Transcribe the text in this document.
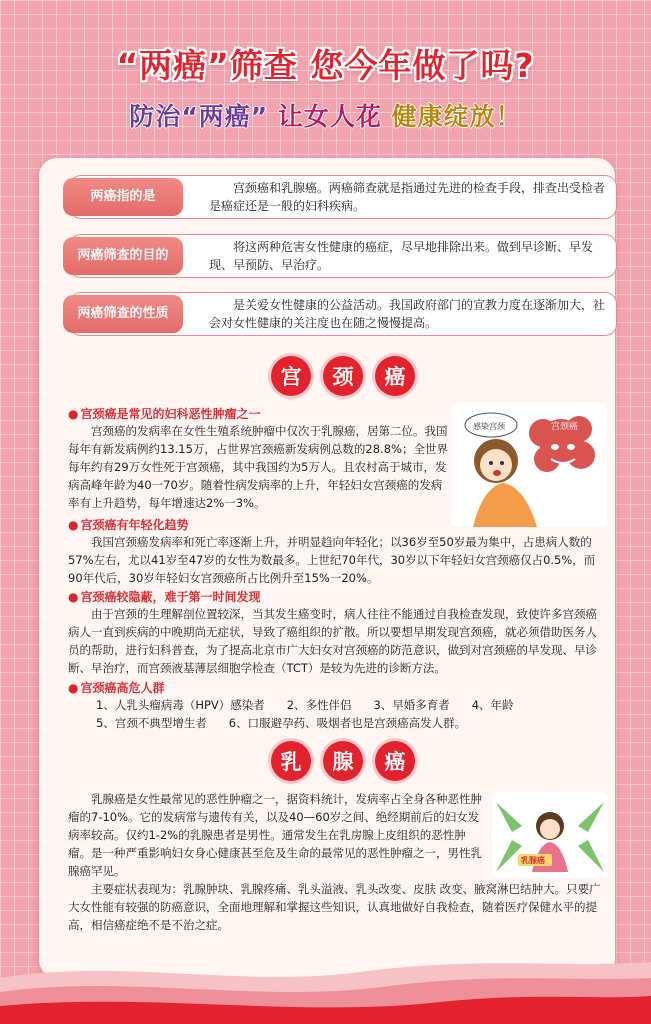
“两癌”筛查 您今年做了吗?
防治“两癌” 让女人花 健康绽放！
两癌指的是
宫颈癌和乳腺癌。两癌筛查就是指通过先进的检查手段，排查出受检者是癌症还是一般的妇科疾病。
两癌筛查的目的
将这两种危害女性健康的癌症，尽早地排除出来。做到早诊断、早发现、早预防、早治疗。
两癌筛查的性质
是关爱女性健康的公益活动。我国政府部门的宣教力度在逐渐加大，社会对女性健康的关注度也在随之慢慢提高。
宫	颈	癌
● 宫颈癌是常见的妇科恶性肿瘤之一
宫颈癌的发病率在女性生殖系统肿瘤中仅次于乳腺癌，居第二位。我国每年有新发病例约13.15万，占世界宫颈癌新发病例总数的28.8%；全世界每年约有29万女性死于宫颈癌，其中我国约为5万人。且农村高于城市，发病高峰年龄为40一70岁。随着性病发病率的上升，年轻妇女宫颈癌的发病率有上升趋势，每年增速达2%一3%。
宫颈癌
感染宫颈
● 宫颈癌有年轻化趋势
我国宫颈癌发病率和死亡率逐渐上升，并明显趋向年轻化；以36岁至50岁最为集中，占患病人数的57%左右，尤以41岁至47岁的女性为数最多。上世纪70年代，30岁以下年轻妇女宫颈癌仅占0.5%，而90年代后，30岁年轻妇女宫颈癌所占比例升至15%一20%。
● 宫颈癌较隐蔽，难于第一时间发现
由于宫颈的生理解剖位置较深，当其发生癌变时，病人往往不能通过自我检查发现，致使许多宫颈癌病人一直到疾病的中晚期尚无症状，导致了癌组织的扩散。所以要想早期发现宫颈癌，就必须借助医务人员的帮助，进行妇科普查，为了提高北京市广大妇女对宫颈癌的防范意识，做到对宫颈癌的早发现、早诊断、早治疗，而宫颈液基薄层细胞学检查（TCT）是较为先进的诊断方法。
● 宫颈癌高危人群
1、人乳头瘤病毒（HPV）感染者      2、多性伴侣      3、早婚多育者      4、年龄
5、宫颈不典型增生者      6、口服避孕药、吸烟者也是宫颈癌高发人群。
乳	腺	癌
乳腺癌是女性最常见的恶性肿瘤之一，据资料统计，发病率占全身各种恶性肿瘤的7-10%。它的发病常与遗传有关，以及40—60岁之间、绝经期前后的妇女发病率较高。仅约1-2%的乳腺患者是男性。通常发生在乳房腺上皮组织的恶性肿瘤。是一种严重影响妇女身心健康甚至危及生命的最常见的恶性肿瘤之一，男性乳腺癌罕见。
乳腺癌
主要症状表现为：乳腺肿块、乳腺疼痛、乳头溢液、乳头改变、皮肤 改变、腋窝淋巴结肿大。只要广大女性能有较强的防癌意识，全面地理解和掌握这些知识，认真地做好自我检查，随着医疗保健水平的提高，相信癌症绝不是不治之症。
